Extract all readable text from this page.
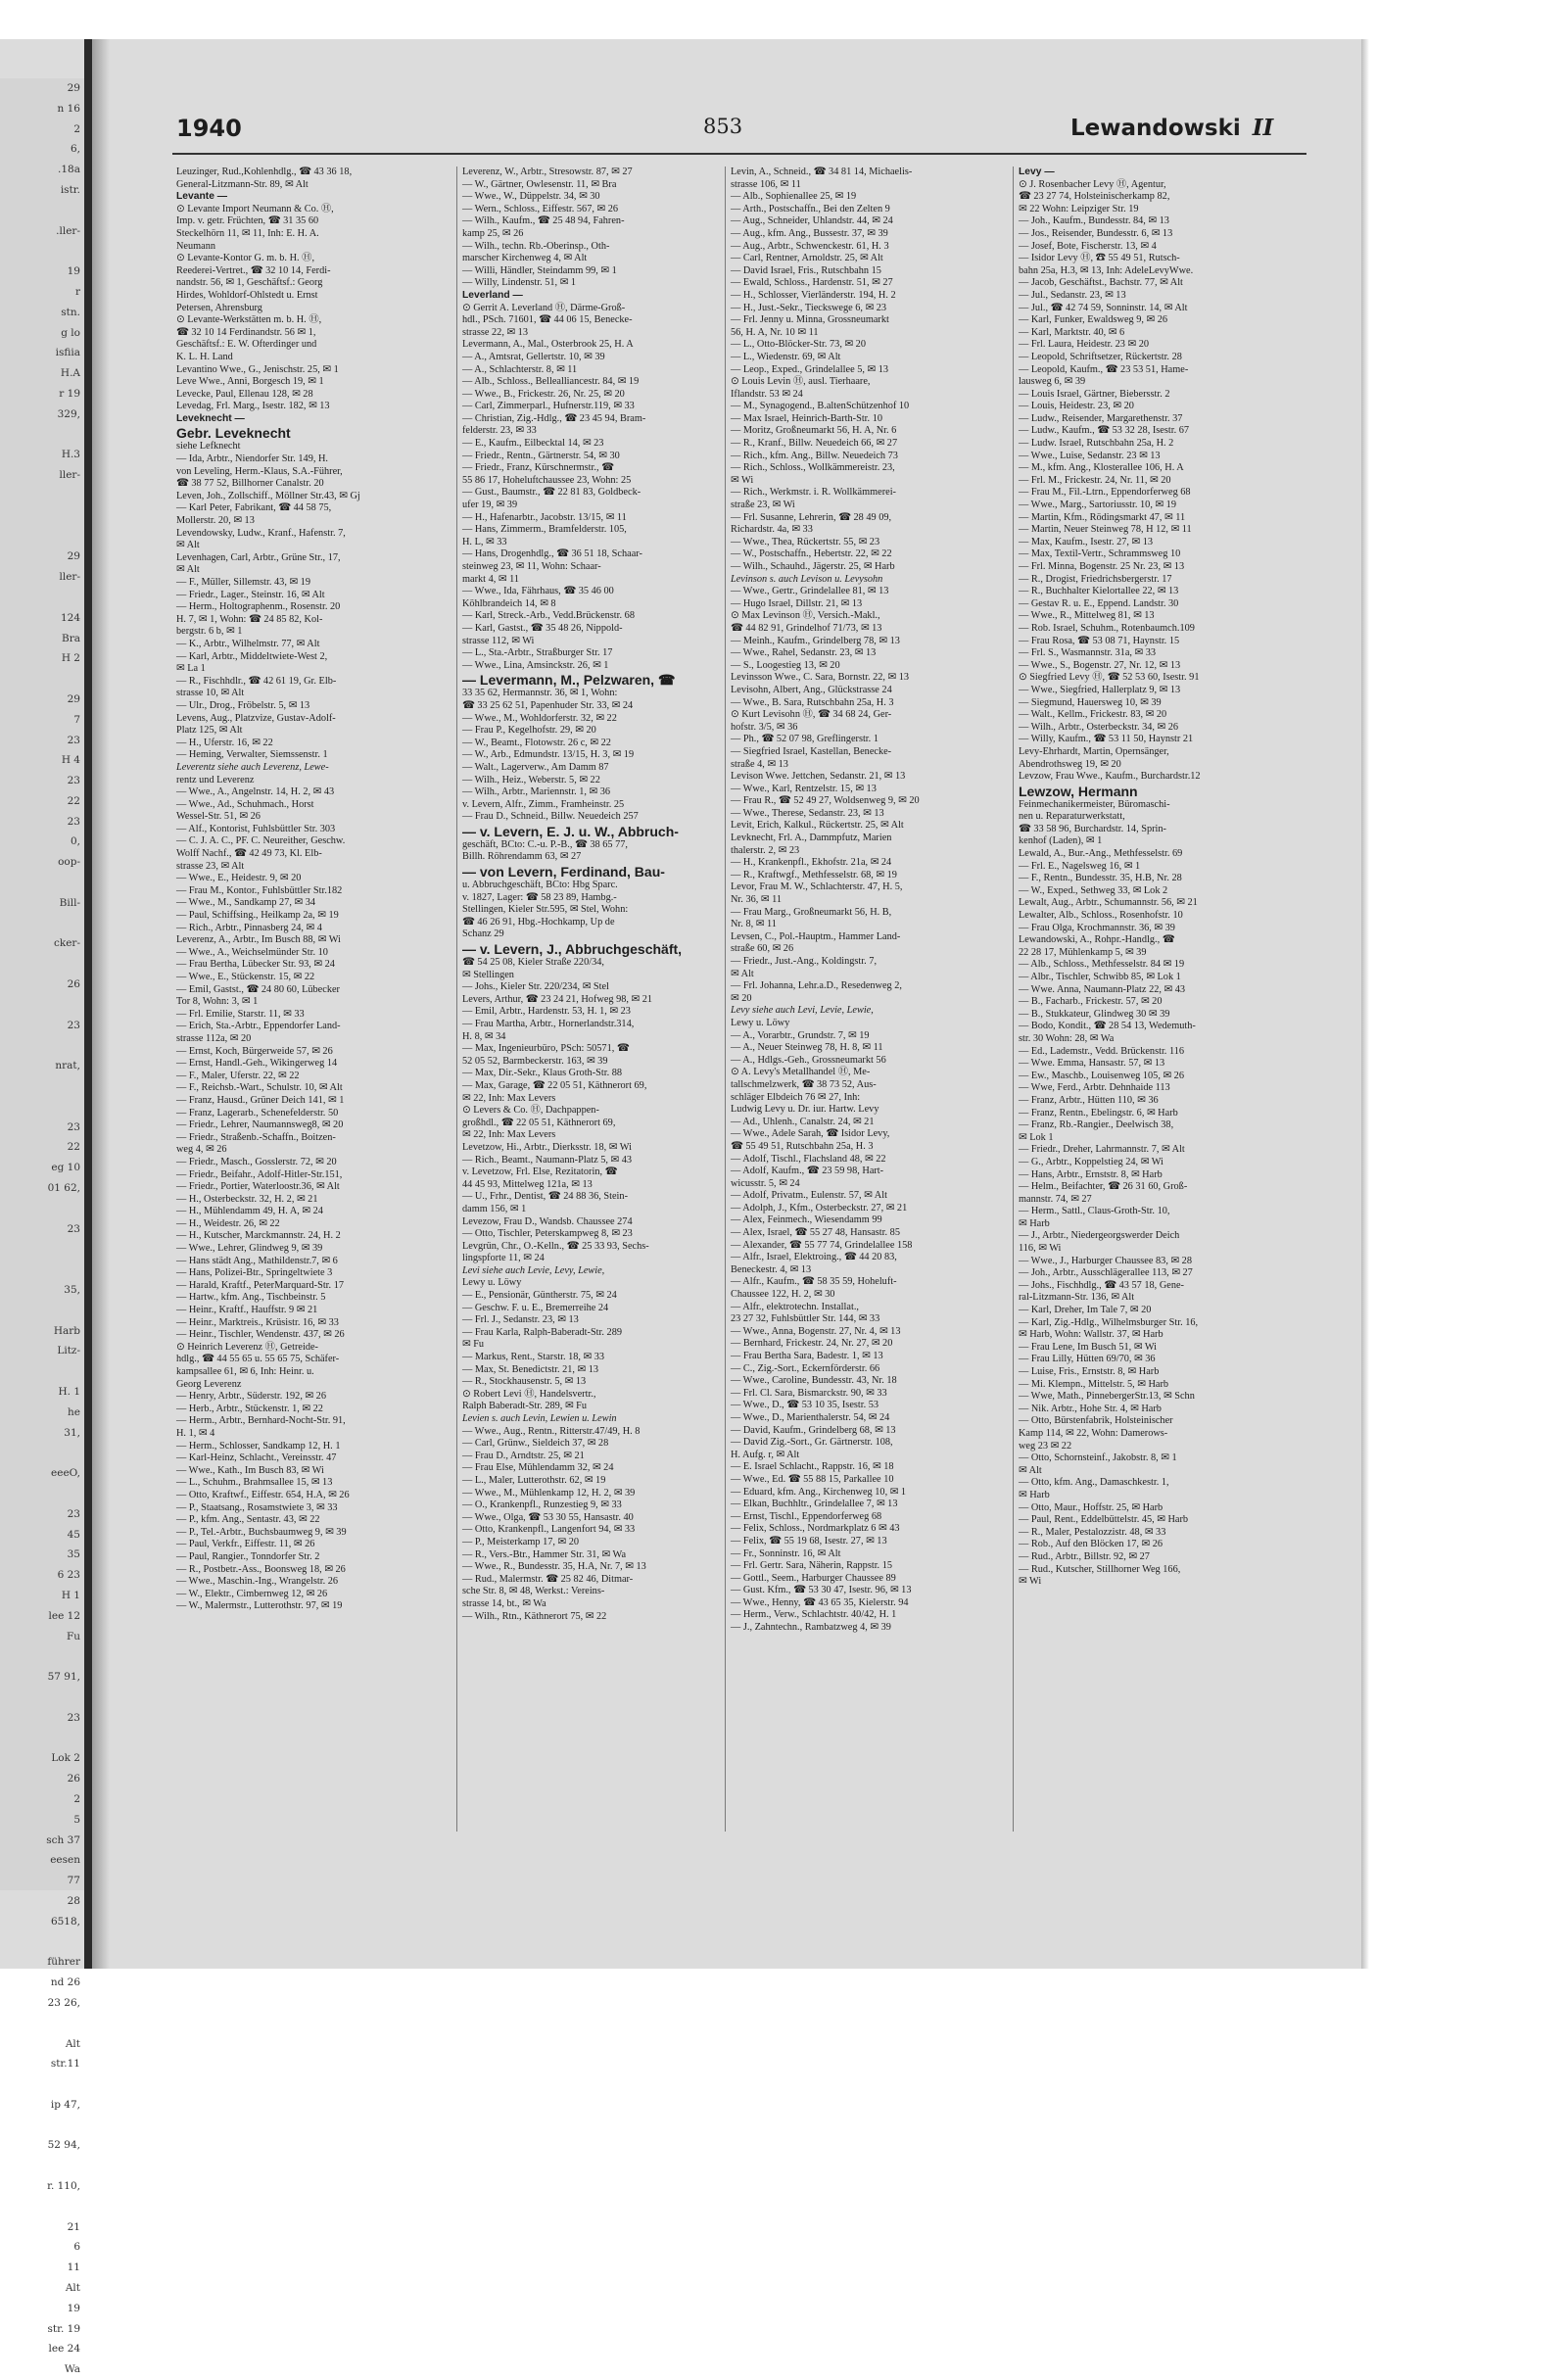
29
n 16
2
6,
.18a
istr.
.ller-
19
r
stn.
g lo
isfiia
H.A
r 19
329,
H.3
ller-
29
ller-
124
Bra
H 2
29
7
23
H 4
23
22
23
0,
oop-
Bill-
cker-
26
23
nrat,
23
22
eg 10
01 62,
23
35,
Harb
Litz-
H. 1
he
31,
eeeO,
23
45
35
6 23
H 1
lee 12
Fu
57 91,
23
Lok 2
26
2
5
sch 37
eesen
77
28
6518,
führer
nd 26
23 26,
Alt
str.11
ip 47,
52 94,
r. 110,
21
6
11
Alt
19
str. 19
lee 24
Wa
1940	853	Lewandowski II
Leuzinger, Rud.,Kohlenhdlg., ☎ 43 36 18,
General-Litzmann-Str. 89, ✉ Alt
Levante —
⊙ Levante Import Neumann & Co. Ⓗ,
Imp. v. getr. Früchten, ☎ 31 35 60
Steckelhörn 11, ✉ 11, Inh: E. H. A.
Neumann
⊙ Levante-Kontor G. m. b. H. Ⓗ,
Reederei-Vertret., ☎ 32 10 14, Ferdi-
nandstr. 56, ✉ 1, Geschäftsf.: Georg
Hirdes, Wohldorf-Ohlstedt u. Ernst
Petersen, Ahrensburg
⊙ Levante-Werkstätten m. b. H. Ⓗ,
☎ 32 10 14 Ferdinandstr. 56 ✉ 1,
Geschäftsf.: E. W. Ofterdinger und
K. L. H. Land
Levantino Wwe., G., Jenischstr. 25, ✉ 1
Leve Wwe., Anni, Borgesch 19, ✉ 1
Levecke, Paul, Ellenau 128, ✉ 28
Levedag, Frl. Marg., Isestr. 182, ✉ 13
Leveknecht —
Gebr. Leveknecht
siehe Lefknecht
— Ida, Arbtr., Niendorfer Str. 149, H.
von Leveling, Herm.-Klaus, S.A.-Führer,
☎ 38 77 52, Billhorner Canalstr. 20
Leven, Joh., Zollschiff., Möllner Str.43, ✉ Gj
— Karl Peter, Fabrikant, ☎ 44 58 75,
Mollerstr. 20, ✉ 13
Levendowsky, Ludw., Kranf., Hafenstr. 7,
✉ Alt
Levenhagen, Carl, Arbtr., Grüne Str., 17,
✉ Alt
— F., Müller, Sillemstr. 43, ✉ 19
— Friedr., Lager., Steinstr. 16, ✉ Alt
— Herm., Holtographenm., Rosenstr. 20
H. 7, ✉ 1, Wohn: ☎ 24 85 82, Kol-
bergstr. 6 b, ✉ 1
— K., Arbtr., Wilhelmstr. 77, ✉ Alt
— Karl, Arbtr., Middeltwiete-West 2,
✉ La 1
— R., Fischhdlr., ☎ 42 61 19, Gr. Elb-
strasse 10, ✉ Alt
— Ulr., Drog., Fröbelstr. 5, ✉ 13
Levens, Aug., Platzvize, Gustav-Adolf-
Platz 125, ✉ Alt
— H., Uferstr. 16, ✉ 22
— Heming, Verwalter, Siemssenstr. 1
Leverentz siehe auch Leverenz, Lewe-
rentz und Leverenz
— Wwe., A., Angelnstr. 14, H. 2, ✉ 43
— Wwe., Ad., Schuhmach., Horst
Wessel-Str. 51, ✉ 26
— Alf., Kontorist, Fuhlsbüttler Str. 303
— C. J. A. C., PF. C. Neureither, Geschw.
Wolff Nachf., ☎ 42 49 73, Kl. Elb-
strasse 23, ✉ Alt
— Wwe., E., Heidestr. 9, ✉ 20
— Frau M., Kontor., Fuhlsbüttler Str.182
— Wwe., M., Sandkamp 27, ✉ 34
— Paul, Schiffsing., Heilkamp 2a, ✉ 19
— Rich., Arbtr., Pinnasberg 24, ✉ 4
Leverenz, A., Arbtr., Im Busch 88, ✉ Wi
— Wwe., A., Weichselmünder Str. 10
— Frau Bertha, Lübecker Str. 93, ✉ 24
— Wwe., E., Stückenstr. 15, ✉ 22
— Emil, Gastst., ☎ 24 80 60, Lübecker
Tor 8, Wohn: 3, ✉ 1
— Frl. Emilie, Starstr. 11, ✉ 33
— Erich, Sta.-Arbtr., Eppendorfer Land-
strasse 112a, ✉ 20
— Ernst, Koch, Bürgerweide 57, ✉ 26
— Ernst, Handl.-Geh., Wikingerweg 14
— F., Maler, Uferstr. 22, ✉ 22
— F., Reichsb.-Wart., Schulstr. 10, ✉ Alt
— Franz, Hausd., Grüner Deich 141, ✉ 1
— Franz, Lagerarb., Schenefelderstr. 50
— Friedr., Lehrer, Naumannsweg8, ✉ 20
— Friedr., Straßenb.-Schaffn., Boitzen-
weg 4, ✉ 26
— Friedr., Masch., Gosslerstr. 72, ✉ 20
— Friedr., Beifahr., Adolf-Hitler-Str.151,
— Friedr., Portier, Waterloostr.36, ✉ Alt
— H., Osterbeckstr. 32, H. 2, ✉ 21
— H., Mühlendamm 49, H. A, ✉ 24
— H., Weidestr. 26, ✉ 22
— H., Kutscher, Marckmannstr. 24, H. 2
— Wwe., Lehrer, Glindweg 9, ✉ 39
— Hans städt Ang., Mathildenstr.7, ✉ 6
— Hans, Polizei-Btr., Springeltwiete 3
— Harald, Kraftf., PeterMarquard-Str. 17
— Hartw., kfm. Ang., Tischbeinstr. 5
— Heinr., Kraftf., Hauffstr. 9 ✉ 21
— Heinr., Marktreis., Krüsistr. 16, ✉ 33
— Heinr., Tischler, Wendenstr. 437, ✉ 26
⊙ Heinrich Leverenz Ⓗ, Getreide-
hdlg., ☎ 44 55 65 u. 55 65 75, Schäfer-
kampsallee 61, ✉ 6, Inh: Heinr. u.
Georg Leverenz
— Henry, Arbtr., Süderstr. 192, ✉ 26
— Herb., Arbtr., Stückenstr. 1, ✉ 22
— Herm., Arbtr., Bernhard-Nocht-Str. 91,
H. 1, ✉ 4
— Herm., Schlosser, Sandkamp 12, H. 1
— Karl-Heinz, Schlacht., Vereinsstr. 47
— Wwe., Kath., Im Busch 83, ✉ Wi
— L., Schuhm., Brahmsallee 15, ✉ 13
— Otto, Kraftwf., Eiffestr. 654, H.A, ✉ 26
— P., Staatsang., Rosamstwiete 3, ✉ 33
— P., kfm. Ang., Sentastr. 43, ✉ 22
— P., Tel.-Arbtr., Buchsbaumweg 9, ✉ 39
— Paul, Verkfr., Eiffestr. 11, ✉ 26
— Paul, Rangier., Tonndorfer Str. 2
— R., Postbetr.-Ass., Boonsweg 18, ✉ 26
— Wwe., Maschin.-Ing., Wrangelstr. 26
— W., Elektr., Cimbernweg 12, ✉ 26
— W., Malermstr., Lutterothstr. 97, ✉ 19
Leverenz, W., Arbtr., Stresowstr. 87, ✉ 27
— W., Gärtner, Owlesenstr. 11, ✉ Bra
— Wwe., W., Düppelstr. 34, ✉ 30
— Wern., Schloss., Eiffestr. 567, ✉ 26
— Wilh., Kaufm., ☎ 25 48 94, Fahren-
kamp 25, ✉ 26
— Wilh., techn. Rb.-Oberinsp., Oth-
marscher Kirchenweg 4, ✉ Alt
— Willi, Händler, Steindamm 99, ✉ 1
— Willy, Lindenstr. 51, ✉ 1
Leverland —
⊙ Gerrit A. Leverland Ⓗ, Därme-Groß-
hdl., PSch. 71601, ☎ 44 06 15, Benecke-
strasse 22, ✉ 13
Levermann, A., Mal., Osterbrook 25, H. A
— A., Amtsrat, Gellertstr. 10, ✉ 39
— A., Schlachterstr. 8, ✉ 11
— Alb., Schloss., Bellealliancestr. 84, ✉ 19
— Wwe., B., Frickestr. 26, Nr. 25, ✉ 20
— Carl, Zimmerparl., Hufnerstr.119, ✉ 33
— Christian, Zig.-Hdlg., ☎ 23 45 94, Bram-
felderstr. 23, ✉ 33
— E., Kaufm., Eilbecktal 14, ✉ 23
— Friedr., Rentn., Gärtnerstr. 54, ✉ 30
— Friedr., Franz, Kürschnermstr., ☎
55 86 17, Hoheluftchaussee 23, Wohn: 25
— Gust., Baumstr., ☎ 22 81 83, Goldbeck-
ufer 19, ✉ 39
— H., Hafenarbtr., Jacobstr. 13/15, ✉ 11
— Hans, Zimmerm., Bramfelderstr. 105,
H. L, ✉ 33
— Hans, Drogenhdlg., ☎ 36 51 18, Schaar-
steinweg 23, ✉ 11, Wohn: Schaar-
markt 4, ✉ 11
— Wwe., Ida, Fährhaus, ☎ 35 46 00
Köhlbrandeich 14, ✉ 8
— Karl, Streck.-Arb., Vedd.Brückenstr. 68
— Karl, Gastst., ☎ 35 48 26, Nippold-
strasse 112, ✉ Wi
— L., Sta.-Arbtr., Straßburger Str. 17
— Wwe., Lina, Amsinckstr. 26, ✉ 1
— Levermann, M., Pelzwaren, ☎
33 35 62, Hermannstr. 36, ✉ 1, Wohn:
☎ 33 25 62 51, Papenhuder Str. 33, ✉ 24
— Wwe., M., Wohldorferstr. 32, ✉ 22
— Frau P., Kegelhofstr. 29, ✉ 20
— W., Beamt., Flotowstr. 26 c, ✉ 22
— W., Arb., Edmundstr. 13/15, H. 3, ✉ 19
— Walt., Lagerverw., Am Damm 87
— Wilh., Heiz., Weberstr. 5, ✉ 22
— Wilh., Arbtr., Mariennstr. 1, ✉ 36
v. Levern, Alfr., Zimm., Framheinstr. 25
— Frau D., Schneid., Billw. Neuedeich 257
— v. Levern, E. J. u. W., Abbruch-
geschäft, BCto: C.-u. P.-B., ☎ 38 65 77,
Billh. Röhrendamm 63, ✉ 27
— von Levern, Ferdinand, Bau-
u. Abbruchgeschäft, BCto: Hbg Sparc.
v. 1827, Lager: ☎ 58 23 89, Hambg.-
Stellingen, Kieler Str.595, ✉ Stel, Wohn:
☎ 46 26 91, Hbg.-Hochkamp, Up de
Schanz 29
— v. Levern, J., Abbruchgeschäft,
☎ 54 25 08, Kieler Straße 220/34,
✉ Stellingen
— Johs., Kieler Str. 220/234, ✉ Stel
Levers, Arthur, ☎ 23 24 21, Hofweg 98, ✉ 21
— Emil, Arbtr., Hardenstr. 53, H. 1, ✉ 23
— Frau Martha, Arbtr., Hornerlandstr.314,
H. 8, ✉ 34
— Max, Ingenieurbüro, PSch: 50571, ☎
52 05 52, Barmbeckerstr. 163, ✉ 39
— Max, Dir.-Sekr., Klaus Groth-Str. 88
— Max, Garage, ☎ 22 05 51, Käthnerort 69,
✉ 22, Inh: Max Levers
⊙ Levers & Co. Ⓗ, Dachpappen-
großhdl., ☎ 22 05 51, Käthnerort 69,
✉ 22, Inh: Max Levers
Levetzow, Hi., Arbtr., Dierksstr. 18, ✉ Wi
— Rich., Beamt., Naumann-Platz 5, ✉ 43
v. Levetzow, Frl. Else, Rezitatorin, ☎
44 45 93, Mittelweg 121a, ✉ 13
— U., Frhr., Dentist, ☎ 24 88 36, Stein-
damm 156, ✉ 1
Levezow, Frau D., Wandsb. Chaussee 274
— Otto, Tischler, Peterskampweg 8, ✉ 23
Levgrün, Chr., O.-Kelln., ☎ 25 33 93, Sechs-
lingspforte 11, ✉ 24
Levi siehe auch Levie, Levy, Lewie,
Lewy u. Löwy
— E., Pensionär, Güntherstr. 75, ✉ 24
— Geschw. F. u. E., Bremerreihe 24
— Frl. J., Sedanstr. 23, ✉ 13
— Frau Karla, Ralph-Baberadt-Str. 289
✉ Fu
— Markus, Rent., Starstr. 18, ✉ 33
— Max, St. Benedictstr. 21, ✉ 13
— R., Stockhausenstr. 5, ✉ 13
⊙ Robert Levi Ⓗ, Handelsvertr.,
Ralph Baberadt-Str. 289, ✉ Fu
Levien s. auch Levin, Lewien u. Lewin
— Wwe., Aug., Rentn., Ritterstr.47/49, H. 8
— Carl, Grünw., Sieldeich 37, ✉ 28
— Frau D., Arndtstr. 25, ✉ 21
— Frau Else, Mühlendamm 32, ✉ 24
— L., Maler, Lutterothstr. 62, ✉ 19
— Wwe., M., Mühlenkamp 12, H. 2, ✉ 39
— O., Krankenpfl., Runzestieg 9, ✉ 33
— Wwe., Olga, ☎ 53 30 55, Hansastr. 40
— Otto, Krankenpfl., Langenfort 94, ✉ 33
— P., Meisterkamp 17, ✉ 20
— R., Vers.-Btr., Hammer Str. 31, ✉ Wa
— Wwe., R., Bundesstr. 35, H.A, Nr. 7, ✉ 13
— Rud., Malermstr. ☎ 25 82 46, Ditmar-
sche Str. 8, ✉ 48, Werkst.: Vereins-
strasse 14, bt., ✉ Wa
— Wilh., Rtn., Käthnerort 75, ✉ 22
Levin, A., Schneid., ☎ 34 81 14, Michaelis-
strasse 106, ✉ 11
— Alb., Sophienallee 25, ✉ 19
— Arth., Postschaffn., Bei den Zelten 9
— Aug., Schneider, Uhlandstr. 44, ✉ 24
— Aug., kfm. Ang., Bussestr. 37, ✉ 39
— Aug., Arbtr., Schwenckestr. 61, H. 3
— Carl, Rentner, Arnoldstr. 25, ✉ Alt
— David Israel, Fris., Rutschbahn 15
— Ewald, Schloss., Hardenstr. 51, ✉ 27
— H., Schlosser, Vierländerstr. 194, H. 2
— H., Just.-Sekr., Tieckswege 6, ✉ 23
— Frl. Jenny u. Minna, Grossneumarkt
56, H. A, Nr. 10 ✉ 11
— L., Otto-Blöcker-Str. 73, ✉ 20
— L., Wiedenstr. 69, ✉ Alt
— Leop., Exped., Grindelallee 5, ✉ 13
⊙ Louis Levin Ⓗ, ausl. Tierhaare,
Iflandstr. 53 ✉ 24
— M., Synagogend., B.altenSchützenhof 10
— Max Israel, Heinrich-Barth-Str. 10
— Moritz, Großneumarkt 56, H. A, Nr. 6
— R., Kranf., Billw. Neuedeich 66, ✉ 27
— Rich., kfm. Ang., Billw. Neuedeich 73
— Rich., Schloss., Wollkämmereistr. 23,
✉ Wi
— Rich., Werkmstr. i. R. Wollkämmerei-
straße 23, ✉ Wi
— Frl. Susanne, Lehrerin, ☎ 28 49 09,
Richardstr. 4a, ✉ 33
— Wwe., Thea, Rückertstr. 55, ✉ 23
— W., Postschaffn., Hebertstr. 22, ✉ 22
— Wilh., Schauhd., Jägerstr. 25, ✉ Harb
Levinson s. auch Levison u. Levysohn
— Wwe., Gertr., Grindelallee 81, ✉ 13
— Hugo Israel, Dillstr. 21, ✉ 13
⊙ Max Levinson Ⓗ, Versich.-Makl.,
☎ 44 82 91, Grindelhof 71/73, ✉ 13
— Meinh., Kaufm., Grindelberg 78, ✉ 13
— Wwe., Rahel, Sedanstr. 23, ✉ 13
— S., Loogestieg 13, ✉ 20
Levinsson Wwe., C. Sara, Bornstr. 22, ✉ 13
Levisohn, Albert, Ang., Glückstrasse 24
— Wwe., B. Sara, Rutschbahn 25a, H. 3
⊙ Kurt Levisohn Ⓗ, ☎ 34 68 24, Ger-
hofstr. 3/5, ✉ 36
— Ph., ☎ 52 07 98, Greflingerstr. 1
— Siegfried Israel, Kastellan, Benecke-
straße 4, ✉ 13
Levison Wwe. Jettchen, Sedanstr. 21, ✉ 13
— Wwe., Karl, Rentzelstr. 15, ✉ 13
— Frau R., ☎ 52 49 27, Woldsenweg 9, ✉ 20
— Wwe., Therese, Sedanstr. 23, ✉ 13
Levit, Erich, Kalkul., Rückertstr. 25, ✉ Alt
Levknecht, Frl. A., Dammpfutz, Marien
thalerstr. 2, ✉ 23
— H., Krankenpfl., Ekhofstr. 21a, ✉ 24
— R., Kraftwgf., Methfesselstr. 68, ✉ 19
Levor, Frau M. W., Schlachterstr. 47, H. 5,
Nr. 36, ✉ 11
— Frau Marg., Großneumarkt 56, H. B,
Nr. 8, ✉ 11
Levsen, C., Pol.-Hauptm., Hammer Land-
straße 60, ✉ 26
— Friedr., Just.-Ang., Koldingstr. 7,
✉ Alt
— Frl. Johanna, Lehr.a.D., Resedenweg 2,
✉ 20
Levy siehe auch Levi, Levie, Lewie,
Lewy u. Löwy
— A., Vorarbtr., Grundstr. 7, ✉ 19
— A., Neuer Steinweg 78, H. 8, ✉ 11
— A., Hdlgs.-Geh., Grossneumarkt 56
⊙ A. Levy's Metallhandel Ⓗ, Me-
tallschmelzwerk, ☎ 38 73 52, Aus-
schläger Elbdeich 76 ✉ 27, Inh:
Ludwig Levy u. Dr. iur. Hartw. Levy
— Ad., Uhlenh., Canalstr. 24, ✉ 21
— Wwe., Adele Sarah, ☎ Isidor Levy,
☎ 55 49 51, Rutschbahn 25a, H. 3
— Adolf, Tischl., Flachsland 48, ✉ 22
— Adolf, Kaufm., ☎ 23 59 98, Hart-
wicusstr. 5, ✉ 24
— Adolf, Privatm., Eulenstr. 57, ✉ Alt
— Adolph, J., Kfm., Osterbeckstr. 27, ✉ 21
— Alex, Feinmech., Wiesendamm 99
— Alex, Israel, ☎ 55 27 48, Hansastr. 85
— Alexander, ☎ 55 77 74, Grindelallee 158
— Alfr., Israel, Elektroing., ☎ 44 20 83,
Beneckestr. 4, ✉ 13
— Alfr., Kaufm., ☎ 58 35 59, Hoheluft-
Chaussee 122, H. 2, ✉ 30
— Alfr., elektrotechn. Installat.,
23 27 32, Fuhlsbüttler Str. 144, ✉ 33
— Wwe., Anna, Bogenstr. 27, Nr. 4, ✉ 13
— Bernhard, Frickestr. 24, Nr. 27, ✉ 20
— Frau Bertha Sara, Badestr. 1, ✉ 13
— C., Zig.-Sort., Eckernförderstr. 66
— Wwe., Caroline, Bundesstr. 43, Nr. 18
— Frl. Cl. Sara, Bismarckstr. 90, ✉ 33
— Wwe., D., ☎ 53 10 35, Isestr. 53
— Wwe., D., Marienthalerstr. 54, ✉ 24
— David, Kaufm., Grindelberg 68, ✉ 13
— David Zig.-Sort., Gr. Gärtnerstr. 108,
H. Aufg. r, ✉ Alt
— E. Israel Schlacht., Rappstr. 16, ✉ 18
— Wwe., Ed. ☎ 55 88 15, Parkallee 10
— Eduard, kfm. Ang., Kirchenweg 10, ✉ 1
— Elkan, Buchhltr., Grindelallee 7, ✉ 13
— Ernst, Tischl., Eppendorferweg 68
— Felix, Schloss., Nordmarkplatz 6 ✉ 43
— Felix, ☎ 55 19 68, Isestr. 27, ✉ 13
— Fr., Sonninstr. 16, ✉ Alt
— Frl. Gertr. Sara, Näherin, Rappstr. 15
— Gottl., Seem., Harburger Chaussee 89
— Gust. Kfm., ☎ 53 30 47, Isestr. 96, ✉ 13
— Wwe., Henny, ☎ 43 65 35, Kielerstr. 94
— Herm., Verw., Schlachtstr. 40/42, H. 1
— J., Zahntechn., Rambatzweg 4, ✉ 39
Levy —
⊙ J. Rosenbacher Levy Ⓗ, Agentur,
☎ 23 27 74, Holsteinischerkamp 82,
✉ 22 Wohn: Leipziger Str. 19
— Joh., Kaufm., Bundesstr. 84, ✉ 13
— Jos., Reisender, Bundesstr. 6, ✉ 13
— Josef, Bote, Fischerstr. 13, ✉ 4
— Isidor Levy Ⓗ, ☎ 55 49 51, Rutsch-
bahn 25a, H.3, ✉ 13, Inh: AdeleLevyWwe.
— Jacob, Geschäftst., Bachstr. 77, ✉ Alt
— Jul., Sedanstr. 23, ✉ 13
— Jul., ☎ 42 74 59, Sonninstr. 14, ✉ Alt
— Karl, Funker, Ewaldsweg 9, ✉ 26
— Karl, Marktstr. 40, ✉ 6
— Frl. Laura, Heidestr. 23 ✉ 20
— Leopold, Schriftsetzer, Rückertstr. 28
— Leopold, Kaufm., ☎ 23 53 51, Hame-
lausweg 6, ✉ 39
— Louis Israel, Gärtner, Biebersstr. 2
— Louis, Heidestr. 23, ✉ 20
— Ludw., Reisender, Margarethenstr. 37
— Ludw., Kaufm., ☎ 53 32 28, Isestr. 67
— Ludw. Israel, Rutschbahn 25a, H. 2
— Wwe., Luise, Sedanstr. 23 ✉ 13
— M., kfm. Ang., Klosterallee 106, H. A
— Frl. M., Frickestr. 24, Nr. 11, ✉ 20
— Frau M., Fil.-Ltrn., Eppendorferweg 68
— Wwe., Marg., Sartoriusstr. 10, ✉ 19
— Martin, Kfm., Rödingsmarkt 47, ✉ 11
— Martin, Neuer Steinweg 78, H 12, ✉ 11
— Max, Kaufm., Isestr. 27, ✉ 13
— Max, Textil-Vertr., Schrammsweg 10
— Frl. Minna, Bogenstr. 25 Nr. 23, ✉ 13
— R., Drogist, Friedrichsbergerstr. 17
— R., Buchhalter Kielortallee 22, ✉ 13
— Gestav R. u. E., Eppend. Landstr. 30
— Wwe., R., Mittelweg 81, ✉ 13
— Rob. Israel, Schuhm., Rotenbaumch.109
— Frau Rosa, ☎ 53 08 71, Haynstr. 15
— Frl. S., Wasmannstr. 31a, ✉ 33
— Wwe., S., Bogenstr. 27, Nr. 12, ✉ 13
⊙ Siegfried Levy Ⓗ, ☎ 52 53 60, Isestr. 91
— Wwe., Siegfried, Hallerplatz 9, ✉ 13
— Siegmund, Hauersweg 10, ✉ 39
— Walt., Kellm., Frickestr. 83, ✉ 20
— Wilh., Arbtr., Osterbeckstr. 34, ✉ 26
— Willy, Kaufm., ☎ 53 11 50, Haynstr 21
Levy-Ehrhardt, Martin, Opernsänger,
Abendrothsweg 19, ✉ 20
Levzow, Frau Wwe., Kaufm., Burchardstr.12
Lewzow, Hermann
Feinmechanikermeister, Büromaschi-
nen u. Reparaturwerkstatt,
☎ 33 58 96, Burchardstr. 14, Sprin-
kenhof (Laden), ✉ 1
Lewald, A., Bur.-Ang., Methfesselstr. 69
— Frl. E., Nagelsweg 16, ✉ 1
— F., Rentn., Bundesstr. 35, H.B, Nr. 28
— W., Exped., Sethweg 33, ✉ Lok 2
Lewalt, Aug., Arbtr., Schumannstr. 56, ✉ 21
Lewalter, Alb., Schloss., Rosenhofstr. 10
— Frau Olga, Krochmannstr. 36, ✉ 39
Lewandowski, A., Rohpr.-Handlg., ☎
22 28 17, Mühlenkamp 5, ✉ 39
— Alb., Schloss., Methfesselstr. 84 ✉ 19
— Albr., Tischler, Schwibb 85, ✉ Lok 1
— Wwe. Anna, Naumann-Platz 22, ✉ 43
— B., Facharb., Frickestr. 57, ✉ 20
— B., Stukkateur, Glindweg 30 ✉ 39
— Bodo, Kondit., ☎ 28 54 13, Wedemuth-
str. 30 Wohn: 28, ✉ Wa
— Ed., Lademstr., Vedd. Brückenstr. 116
— Wwe. Emma, Hansastr. 57, ✉ 13
— Ew., Maschb., Louisenweg 105, ✉ 26
— Wwe, Ferd., Arbtr. Dehnhaide 113
— Franz, Arbtr., Hütten 110, ✉ 36
— Franz, Rentn., Ebelingstr. 6, ✉ Harb
— Franz, Rb.-Rangier., Deelwisch 38,
✉ Lok 1
— Friedr., Dreher, Lahrmannstr. 7, ✉ Alt
— G., Arbtr., Koppelstieg 24, ✉ Wi
— Hans, Arbtr., Ernststr. 8, ✉ Harb
— Helm., Beifachter, ☎ 26 31 60, Groß-
mannstr. 74, ✉ 27
— Herm., Sattl., Claus-Groth-Str. 10,
✉ Harb
— J., Arbtr., Niedergeorgswerder Deich
116, ✉ Wi
— Wwe., J., Harburger Chaussee 83, ✉ 28
— Joh., Arbtr., Ausschlägerallee 113, ✉ 27
— Johs., Fischhdlg., ☎ 43 57 18, Gene-
ral-Litzmann-Str. 136, ✉ Alt
— Karl, Dreher, Im Tale 7, ✉ 20
— Karl, Zig.-Hdlg., Wilhelmsburger Str. 16,
✉ Harb, Wohn: Wallstr. 37, ✉ Harb
— Frau Lene, Im Busch 51, ✉ Wi
— Frau Lilly, Hütten 69/70, ✉ 36
— Luise, Fris., Ernststr. 8, ✉ Harb
— Mi. Klempn., Mittelstr. 5, ✉ Harb
— Wwe, Math., PinnebergerStr.13, ✉ Schn
— Nik. Arbtr., Hohe Str. 4, ✉ Harb
— Otto, Bürstenfabrik, Holsteinischer
Kamp 114, ✉ 22, Wohn: Damerows-
weg 23 ✉ 22
— Otto, Schornsteinf., Jakobstr. 8, ✉ 1
✉ Alt
— Otto, kfm. Ang., Damaschkestr. 1,
✉ Harb
— Otto, Maur., Hoffstr. 25, ✉ Harb
— Paul, Rent., Eddelbüttelstr. 45, ✉ Harb
— R., Maler, Pestalozzistr. 48, ✉ 33
— Rob., Auf den Blöcken 17, ✉ 26
— Rud., Arbtr., Billstr. 92, ✉ 27
— Rud., Kutscher, Stillhorner Weg 166,
✉ Wi
